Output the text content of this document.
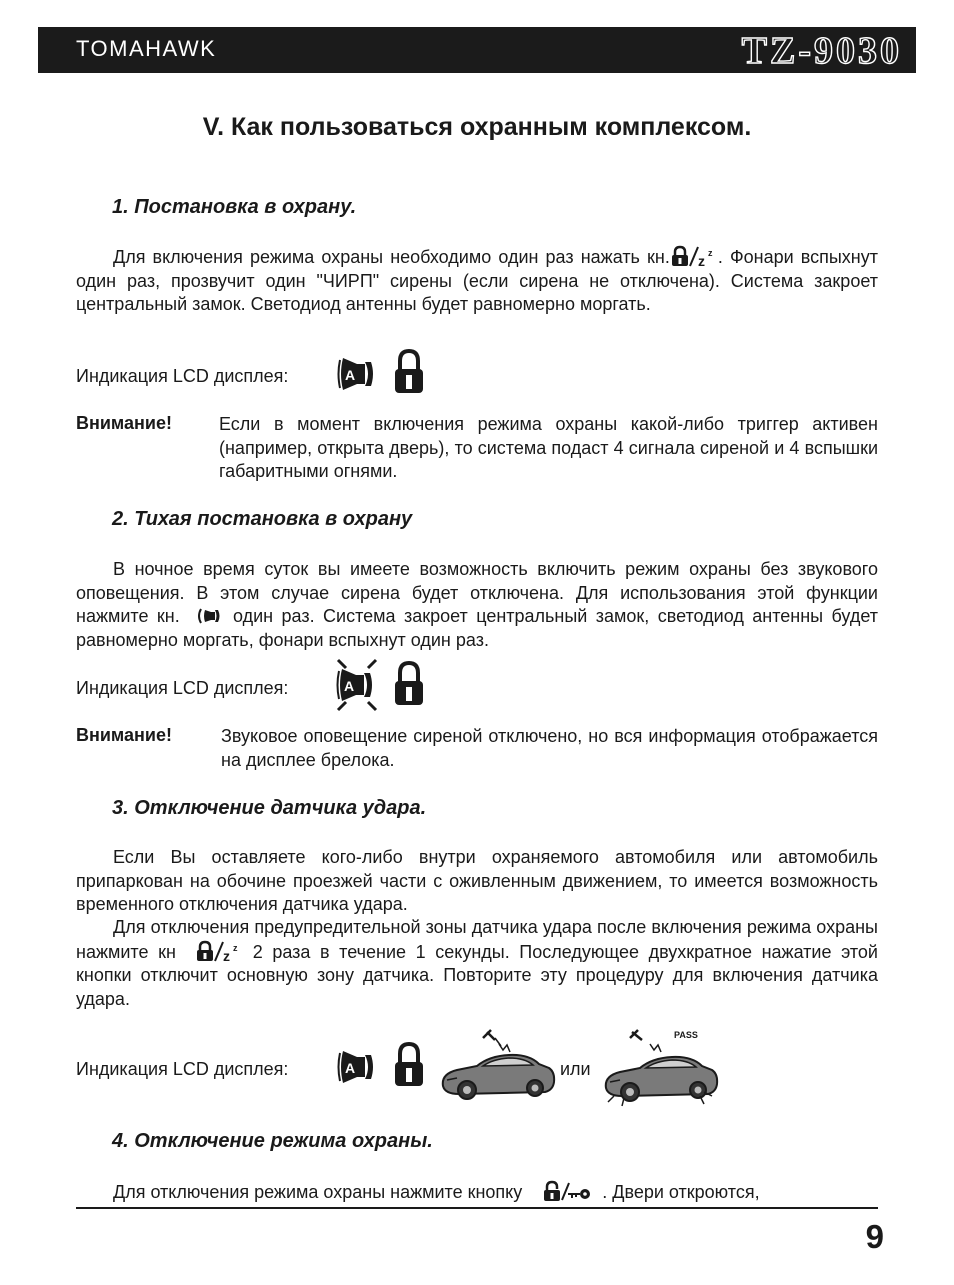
TOMAHAWK	TZ-9030
V. Как пользоваться охранным комплексом.
1. Постановка в охрану.
Для включения режима охраны необходимо один раз нажать кн. z z . Фонари вспыхнут один раз, прозвучит один "ЧИРП" сирены (если сирена не отключена). Система закроет центральный замок. Светодиод антенны будет равномерно моргать.
Индикация LCD дисплея:
Внимание!	Если в момент включения режима охраны какой-либо триггер активен (например, открыта дверь), то система подаст 4 сигнала сиреной и 4 вспышки габаритными огнями.
2. Тихая постановка в охрану
В ночное время суток вы имеете возможность включить режим охраны без звукового оповещения. В этом случае сирена будет отключена. Для использования этой функции нажмите кн.   один раз. Система закроет центральный замок, светодиод антенны будет равномерно моргать, фонари вспыхнут один раз.
Индикация LCD дисплея:
Внимание!	Звуковое оповещение сиреной отключено, но вся информация отображается на дисплее брелока.
3. Отключение датчика удара.
Если Вы оставляете кого-либо внутри охраняемого автомобиля или автомобиль припаркован на обочине проезжей части с оживленным движением, то имеется возможность временного отключения датчика удара.
Для отключения предупредительной зоны датчика удара после включения режима охраны нажмите кн	z z 2 раза в течение 1 секунды. Последующее двухкратное нажатие этой кнопки отключит основную зону датчика. Повторите эту процедуру для включения датчика удара.
Индикация LCD дисплея:	или
PASS
4. Отключение режима охраны.
Для отключения режима охраны нажмите кнопку	. Двери откроются,
9
